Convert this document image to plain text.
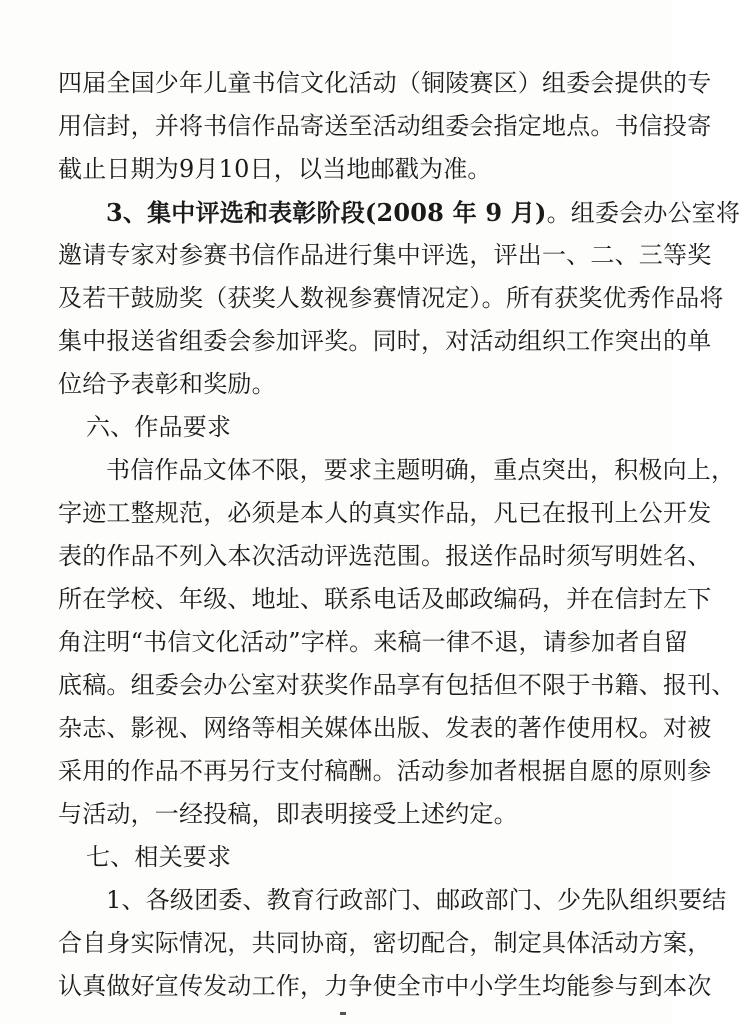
四届全国少年儿童书信文化活动（铜陵赛区）组委会提供的专
用信封，并将书信作品寄送至活动组委会指定地点。书信投寄
截止日期为9月10日，以当地邮戳为准。
3、集中评选和表彰阶段(2008 年 9 月)。组委会办公室将
邀请专家对参赛书信作品进行集中评选，评出一、二、三等奖
及若干鼓励奖（获奖人数视参赛情况定）。所有获奖优秀作品将
集中报送省组委会参加评奖。同时，对活动组织工作突出的单
位给予表彰和奖励。
六、作品要求
书信作品文体不限，要求主题明确，重点突出，积极向上，
字迹工整规范，必须是本人的真实作品，凡已在报刊上公开发
表的作品不列入本次活动评选范围。报送作品时须写明姓名、
所在学校、年级、地址、联系电话及邮政编码，并在信封左下
角注明“书信文化活动”字样。来稿一律不退，请参加者自留
底稿。组委会办公室对获奖作品享有包括但不限于书籍、报刊、
杂志、影视、网络等相关媒体出版、发表的著作使用权。对被
采用的作品不再另行支付稿酬。活动参加者根据自愿的原则参
与活动，一经投稿，即表明接受上述约定。
七、相关要求
1、各级团委、教育行政部门、邮政部门、少先队组织要结
合自身实际情况，共同协商，密切配合，制定具体活动方案，
认真做好宣传发动工作，力争使全市中小学生均能参与到本次
